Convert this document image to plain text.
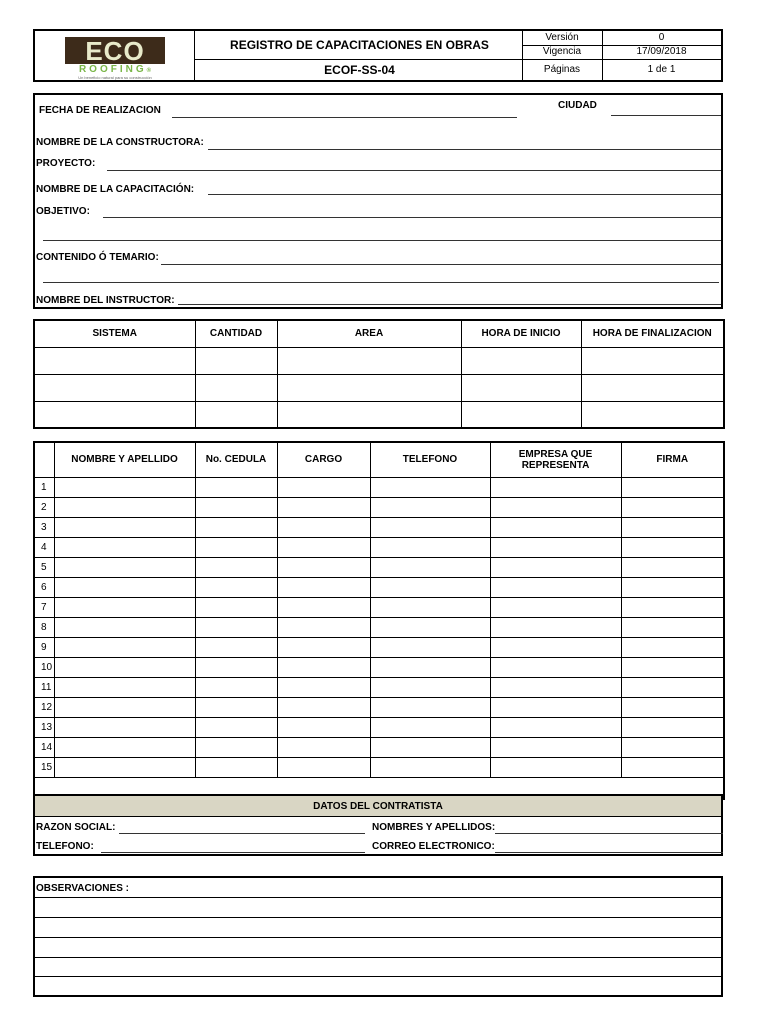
ECO
ROOFING®
Un beneficio natural para su construcción
REGISTRO DE CAPACITACIONES EN OBRAS
ECOF-SS-04
Versión	0
Vigencia	17/09/2018
Páginas	1 de 1
FECHA DE REALIZACION	CIUDAD
NOMBRE DE LA CONSTRUCTORA:
PROYECTO:
NOMBRE DE LA CAPACITACIÓN:
OBJETIVO:
CONTENIDO Ó TEMARIO:
NOMBRE DEL INSTRUCTOR:
SISTEMA	CANTIDAD	AREA	HORA DE INICIO	HORA DE FINALIZACION

	NOMBRE Y APELLIDO	No. CEDULA	CARGO	TELEFONO	EMPRESA QUE REPRESENTA	FIRMA
1						
2						
3						
4						
5						
6						
7						
8						
9						
10						
11						
12						
13						
14						
15						

DATOS DEL CONTRATISTA
RAZON SOCIAL:	NOMBRES Y APELLIDOS:
TELEFONO:	CORREO ELECTRONICO:
OBSERVACIONES :
